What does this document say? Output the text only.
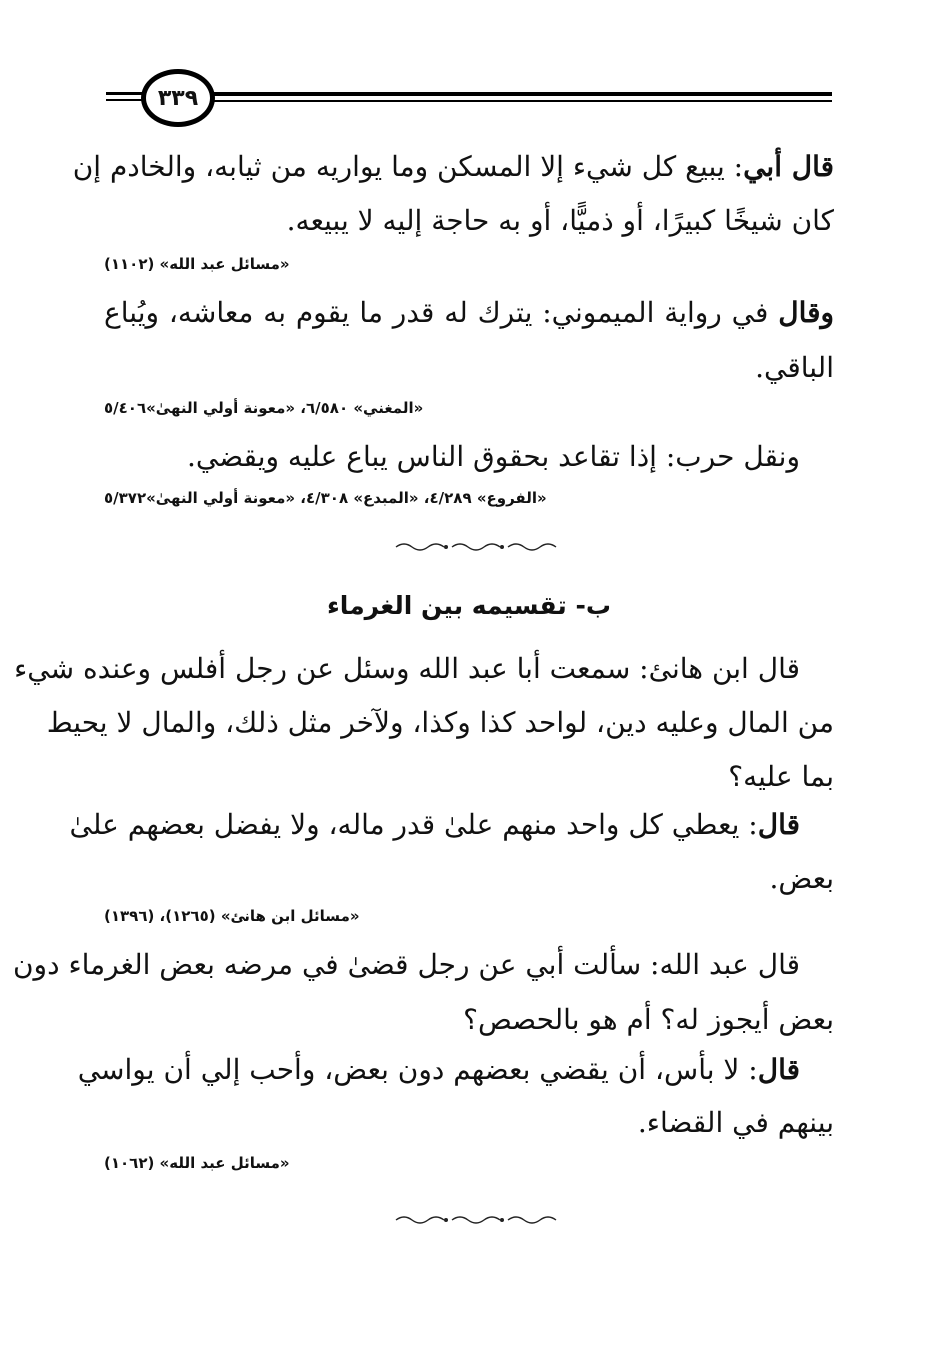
٣٣٩
قال أبي: يبيع كل شيء إلا المسكن وما يواريه من ثيابه، والخادم إن
كان شيخًا كبيرًا، أو ذميًّا، أو به حاجة إليه لا يبيعه.
«مسائل عبد الله» (١١٠٢)
وقال في رواية الميموني: يترك له قدر ما يقوم به معاشه، ويُباع
الباقي.
«المغني» ٦/٥٨٠، «معونة أولي النهىٰ»٥/٤٠٦
ونقل حرب: إذا تقاعد بحقوق الناس يباع عليه ويقضي.
«الفروع» ٤/٢٨٩، «المبدع» ٤/٣٠٨، «معونة أولي النهىٰ»٥/٣٧٢
ب- تقسيمه بين الغرماء
قال ابن هانئ: سمعت أبا عبد الله وسئل عن رجل أفلس وعنده شيء
من المال وعليه دين، لواحد كذا وكذا، ولآخر مثل ذلك، والمال لا يحيط
بما عليه؟
قال: يعطي كل واحد منهم علىٰ قدر ماله، ولا يفضل بعضهم علىٰ
بعض.
«مسائل ابن هانئ» (١٢٦٥)، (١٣٩٦)
قال عبد الله: سألت أبي عن رجل قضىٰ في مرضه بعض الغرماء دون
بعض أيجوز له؟ أم هو بالحصص؟
قال: لا بأس، أن يقضي بعضهم دون بعض، وأحب إلي أن يواسي
بينهم في القضاء.
«مسائل عبد الله» (١٠٦٢)
